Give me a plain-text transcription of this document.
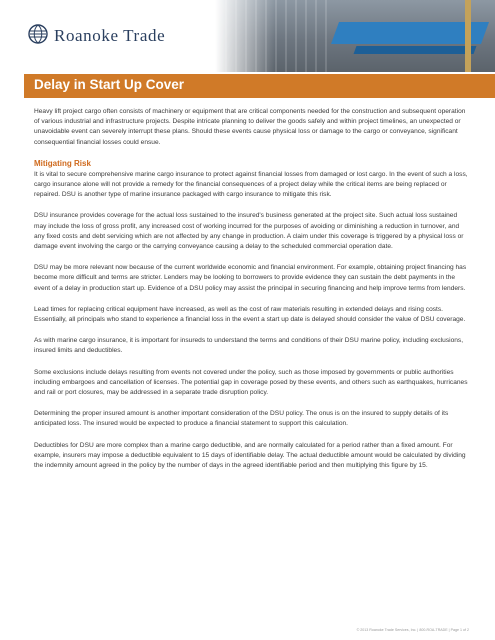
Roanoke Trade
Delay in Start Up Cover

Heavy lift project cargo often consists of machinery or equipment that are critical components needed for the construction and subsequent operation of various industrial and infrastructure projects. Despite intricate planning to deliver the goods safely and within project timelines, an unexpected or unavoidable event can severely interrupt these plans. Should these events cause physical loss or damage to the cargo or conveyance, significant consequential financial losses could ensue.

Mitigating Risk

It is vital to secure comprehensive marine cargo insurance to protect against financial losses from damaged or lost cargo. In the event of such a loss, cargo insurance alone will not provide a remedy for the financial consequences of a project delay while the critical items are being replaced or repaired. DSU is another type of marine insurance packaged with cargo insurance to mitigate this risk.

DSU insurance provides coverage for the actual loss sustained to the insured's business generated at the project site. Such actual loss sustained may include the loss of gross profit, any increased cost of working incurred for the purposes of avoiding or diminishing a reduction in turnover, and any fixed costs and debt servicing which are not affected by any change in production. A claim under this coverage is triggered by a physical loss or damage event involving the cargo or the carrying conveyance causing a delay to the scheduled commercial operation date.

DSU may be more relevant now because of the current worldwide economic and financial environment. For example, obtaining project financing has become more difficult and terms are stricter. Lenders may be looking to borrowers to provide evidence they can sustain the debt payments in the event of a delay in production start up. Evidence of a DSU policy may assist the principal in securing financing and help improve terms from lenders.

Lead times for replacing critical equipment have increased, as well as the cost of raw materials resulting in extended delays and rising costs. Essentially, all principals who stand to experience a financial loss in the event a start up date is delayed should consider the value of DSU coverage.

As with marine cargo insurance, it is important for insureds to understand the terms and conditions of their DSU marine policy, including exclusions, insured limits and deductibles.

Some exclusions include delays resulting from events not covered under the policy, such as those imposed by governments or public authorities including embargoes and cancellation of licenses. The potential gap in coverage posed by these events, and others such as earthquakes, hurricanes and rail or port closures, may be addressed in a separate trade disruption policy.

Determining the proper insured amount is another important consideration of the DSU policy. The onus is on the insured to supply details of its anticipated loss. The insured would be expected to produce a financial statement to support this calculation.

Deductibles for DSU are more complex than a marine cargo deductible, and are normally calculated for a period rather than a fixed amount. For example, insurers may impose a deductible equivalent to 15 days of identifiable delay. The actual deductible amount would be calculated by dividing the indemnity amount agreed in the policy by the number of days in the agreed identifiable period and then multiplying this figure by 15.

© 2013 Roanoke Trade Services, Inc. | 800-ROA-TRADE | Page 1 of 2
